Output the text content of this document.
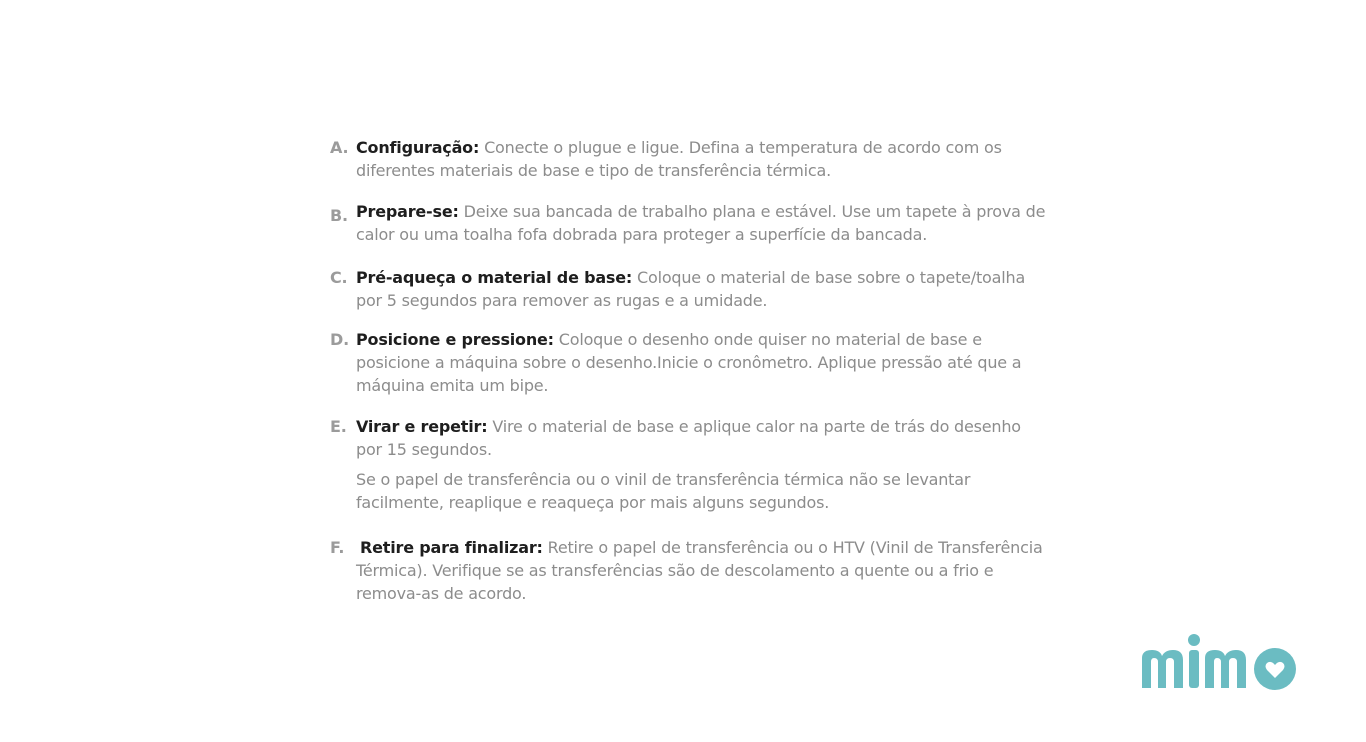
A. Configuração: Conecte o plugue e ligue. Defina a temperatura de acordo com os diferentes materiais de base e tipo de transferência térmica.
B. Prepare-se: Deixe sua bancada de trabalho plana e estável. Use um tapete à prova de calor ou uma toalha fofa dobrada para proteger a superfície da bancada.
C. Pré-aqueça o material de base: Coloque o material de base sobre o tapete/toalha por 5 segundos para remover as rugas e a umidade.
D. Posicione e pressione: Coloque o desenho onde quiser no material de base e posicione a máquina sobre o desenho.Inicie o cronômetro. Aplique pressão até que a máquina emita um bipe.
E. Virar e repetir: Vire o material de base e aplique calor na parte de trás do desenho por 15 segundos.
Se o papel de transferência ou o vinil de transferência térmica não se levantar facilmente, reaplique e reaqueça por mais alguns segundos.
F. Retire para finalizar: Retire o papel de transferência ou o HTV (Vinil de Transferência Térmica). Verifique se as transferências são de descolamento a quente ou a frio e remova-as de acordo.
